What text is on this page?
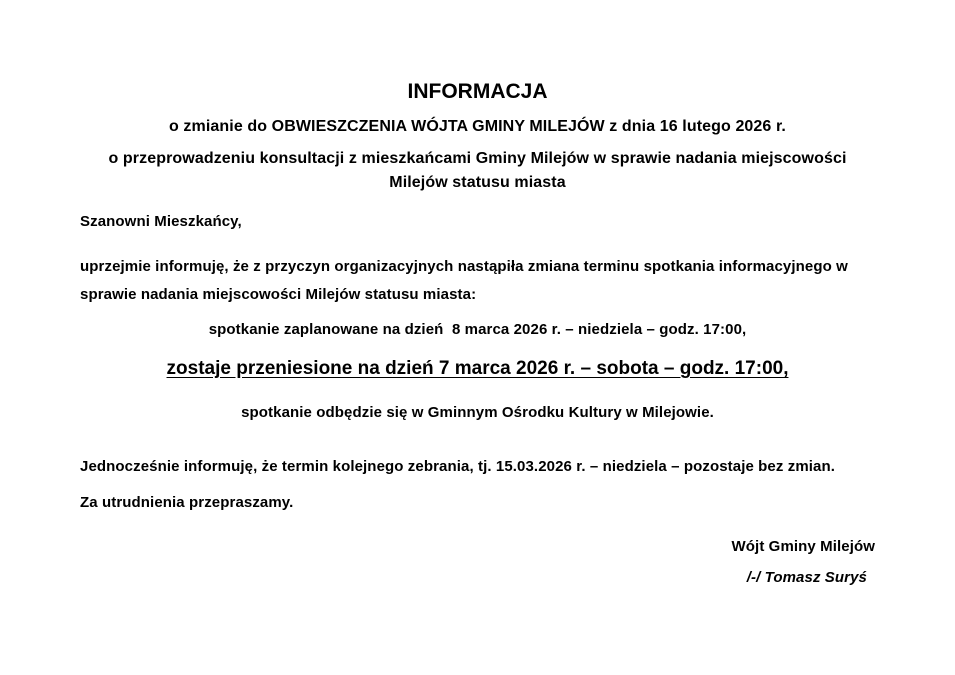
INFORMACJA
o zmianie do OBWIESZCZENIA WÓJTA GMINY MILEJÓW z dnia 16 lutego 2026 r.
o przeprowadzeniu konsultacji z mieszkańcami Gminy Milejów w sprawie nadania miejscowości
Milejów statusu miasta
Szanowni Mieszkańcy,
uprzejmie informuję, że z przyczyn organizacyjnych nastąpiła zmiana terminu spotkania informacyjnego w sprawie nadania miejscowości Milejów statusu miasta:
spotkanie zaplanowane na dzień  8 marca 2026 r. – niedziela – godz. 17:00,
zostaje przeniesione na dzień 7 marca 2026 r. – sobota – godz. 17:00,
spotkanie odbędzie się w Gminnym Ośrodku Kultury w Milejowie.
Jednocześnie informuję, że termin kolejnego zebrania, tj. 15.03.2026 r. – niedziela – pozostaje bez zmian.
Za utrudnienia przepraszamy.
Wójt Gminy Milejów
/-/ Tomasz Suryś
